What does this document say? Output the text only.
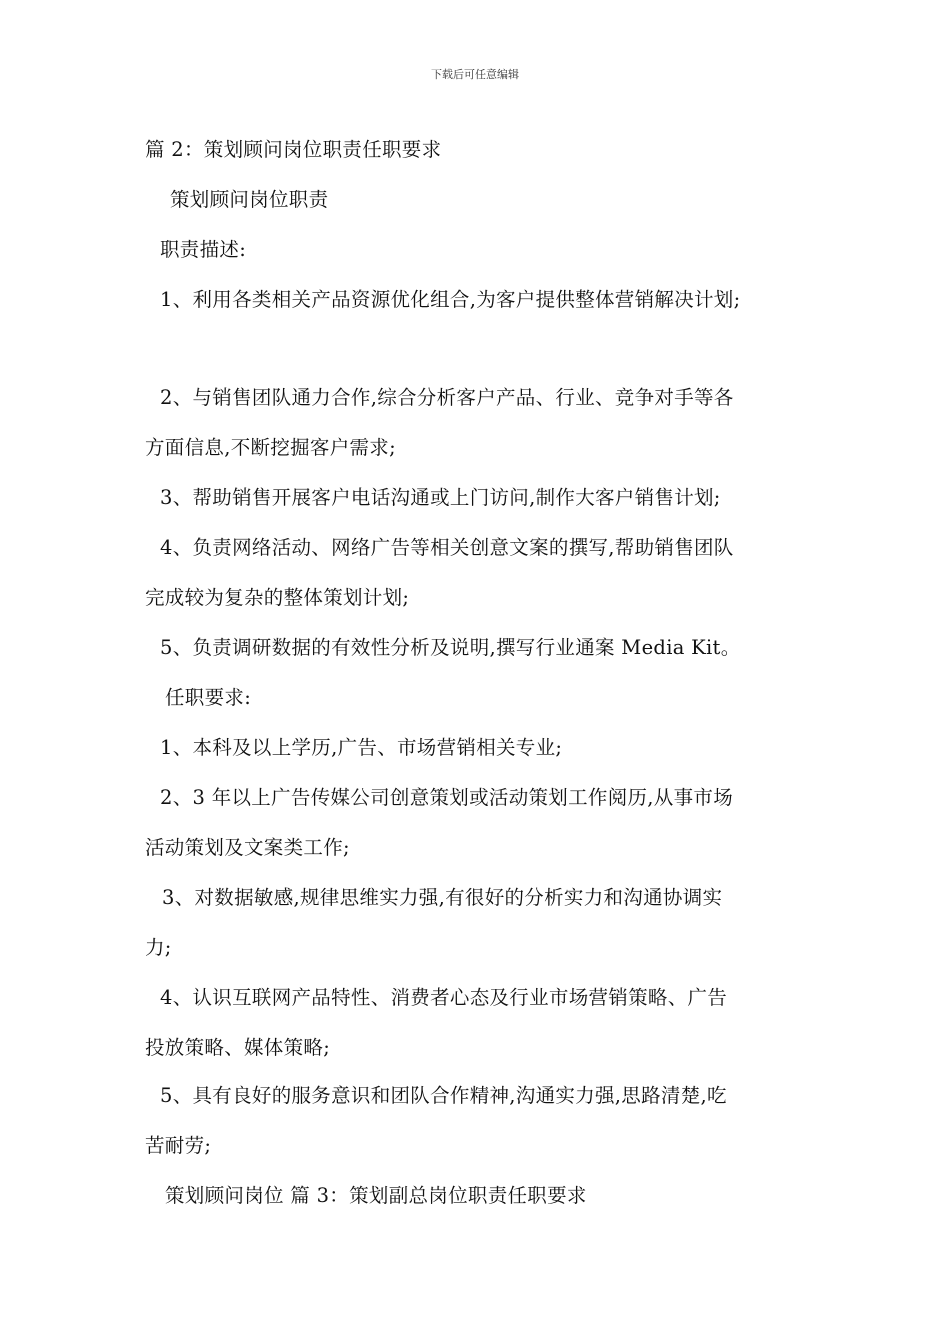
下载后可任意编辑
篇 2：策划顾问岗位职责任职要求
策划顾问岗位职责
职责描述:
1、利用各类相关产品资源优化组合,为客户提供整体营销解决计划;
2、与销售团队通力合作,综合分析客户产品、行业、竞争对手等各
方面信息,不断挖掘客户需求;
3、帮助销售开展客户电话沟通或上门访问,制作大客户销售计划;
4、负责网络活动、网络广告等相关创意文案的撰写,帮助销售团队
完成较为复杂的整体策划计划;
5、负责调研数据的有效性分析及说明,撰写行业通案 Media Kit。
任职要求:
1、本科及以上学历,广告、市场营销相关专业;
2、3 年以上广告传媒公司创意策划或活动策划工作阅历,从事市场
活动策划及文案类工作;
3、对数据敏感,规律思维实力强,有很好的分析实力和沟通协调实
力;
4、认识互联网产品特性、消费者心态及行业市场营销策略、广告
投放策略、媒体策略;
5、具有良好的服务意识和团队合作精神,沟通实力强,思路清楚,吃
苦耐劳;
策划顾问岗位 篇 3：策划副总岗位职责任职要求
